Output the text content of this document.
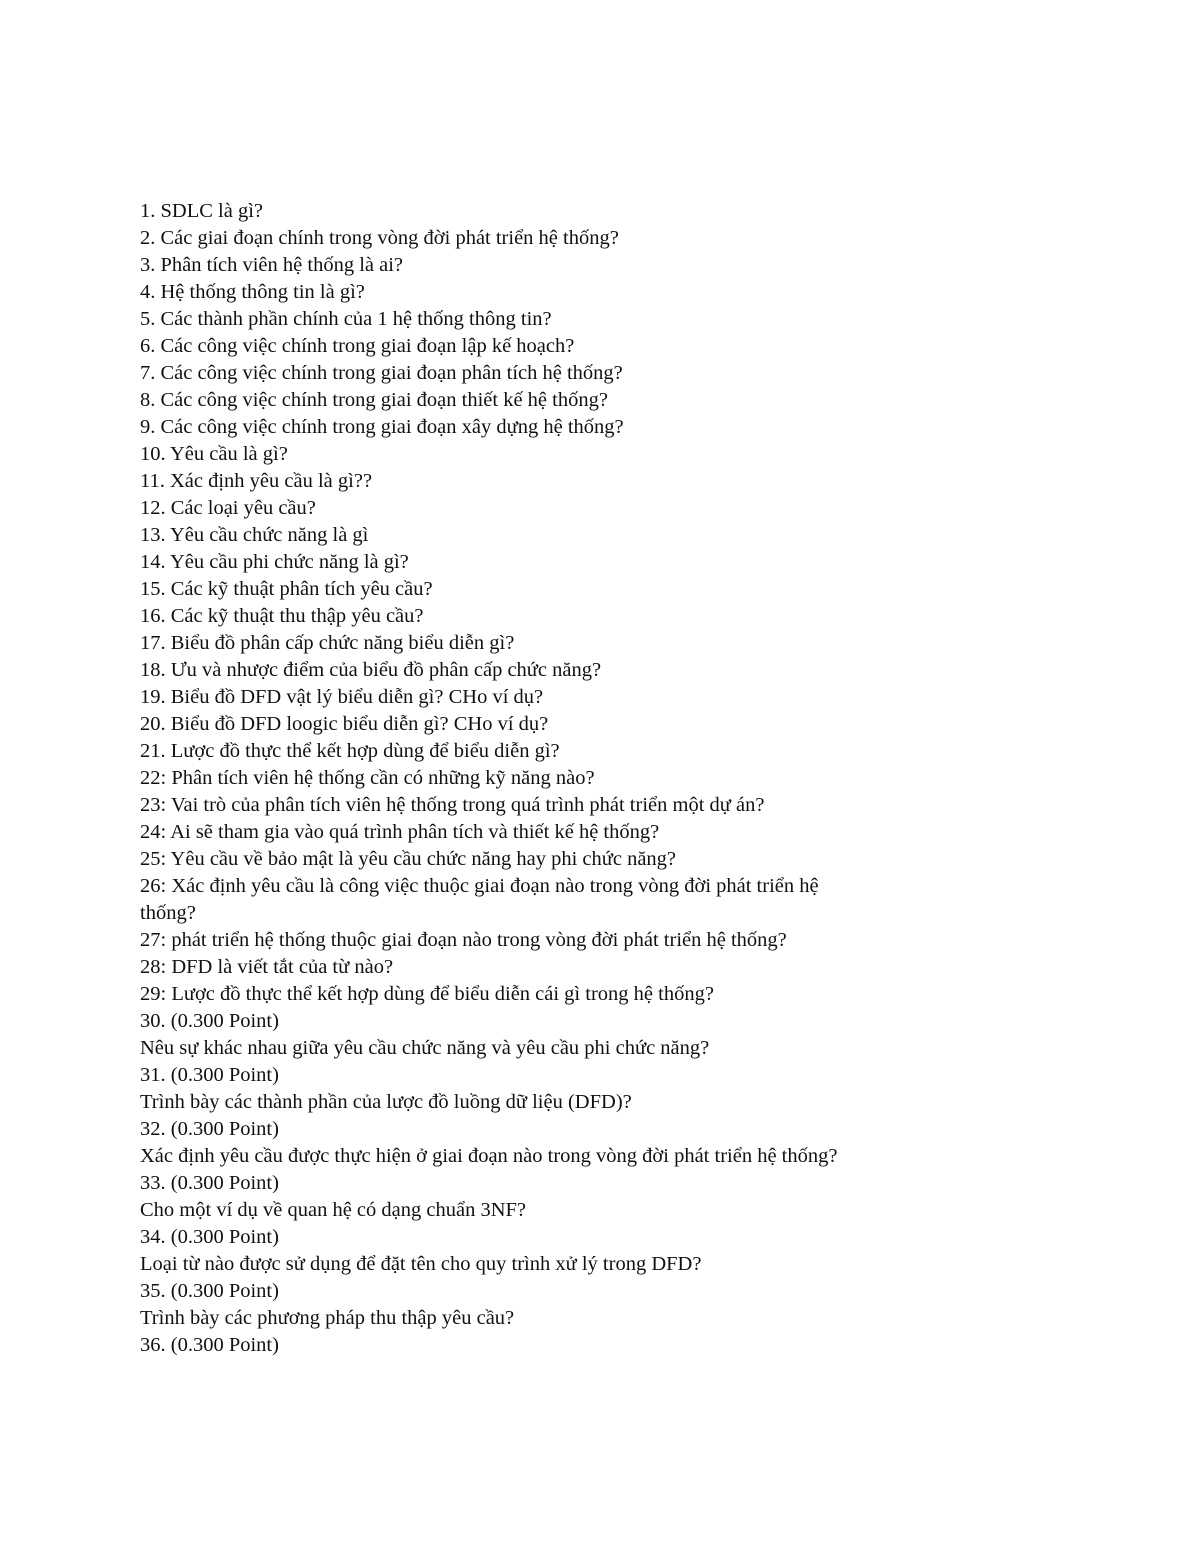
1. SDLC là gì?

2. Các giai đoạn chính trong vòng đời phát triển hệ thống?

3. Phân tích viên hệ thống là ai?

4. Hệ thống thông tin là gì?

5. Các thành phần chính của 1 hệ thống thông tin?

6. Các công việc chính trong giai đoạn lập kế hoạch?

7. Các công việc chính trong giai đoạn phân tích hệ thống?

8. Các công việc chính trong giai đoạn thiết kế hệ thống?

9. Các công việc chính trong giai đoạn xây dựng hệ thống?

10. Yêu cầu là gì?

11. Xác định yêu cầu là gì??

12. Các loại yêu cầu?

13. Yêu cầu chức năng là gì

14. Yêu cầu phi chức năng là gì?

15. Các kỹ thuật phân tích yêu cầu?

16. Các kỹ thuật thu thập yêu cầu?

17. Biểu đồ phân cấp chức năng biểu diễn gì?

18. Ưu và nhược điểm của biểu đồ phân cấp chức năng?

19. Biểu đồ DFD vật lý biểu diễn gì? CHo ví dụ?

20. Biểu đồ DFD loogic biểu diễn gì? CHo ví dụ?

21. Lược đồ thực thể kết hợp dùng để biểu diễn gì?

22: Phân tích viên hệ thống cần có những kỹ năng nào?

23: Vai trò của phân tích viên hệ thống trong quá trình phát triển một dự án?

24: Ai sẽ tham gia vào quá trình phân tích và thiết kế hệ thống?

25: Yêu cầu về bảo mật là yêu cầu chức năng hay phi chức năng?

26: Xác định yêu cầu là công việc thuộc giai đoạn nào trong vòng đời phát triển hệ

thống?

27: phát triển hệ thống thuộc giai đoạn nào trong vòng đời phát triển hệ thống?

28: DFD là viết tắt của từ nào?

29: Lược đồ thực thể kết hợp dùng để biểu diễn cái gì trong hệ thống?

30. (0.300 Point)

Nêu sự khác nhau giữa yêu cầu chức năng và yêu cầu phi chức năng?

31. (0.300 Point)

Trình bày các thành phần của lược đồ luồng dữ liệu (DFD)?

32. (0.300 Point)

Xác định yêu cầu được thực hiện ở giai đoạn nào trong vòng đời phát triển hệ thống?

33. (0.300 Point)

Cho một ví dụ về quan hệ có dạng chuẩn 3NF?

34. (0.300 Point)

Loại từ nào được sử dụng để đặt tên cho quy trình xử lý trong DFD?

35. (0.300 Point)

Trình bày các phương pháp thu thập yêu cầu?

36. (0.300 Point)
